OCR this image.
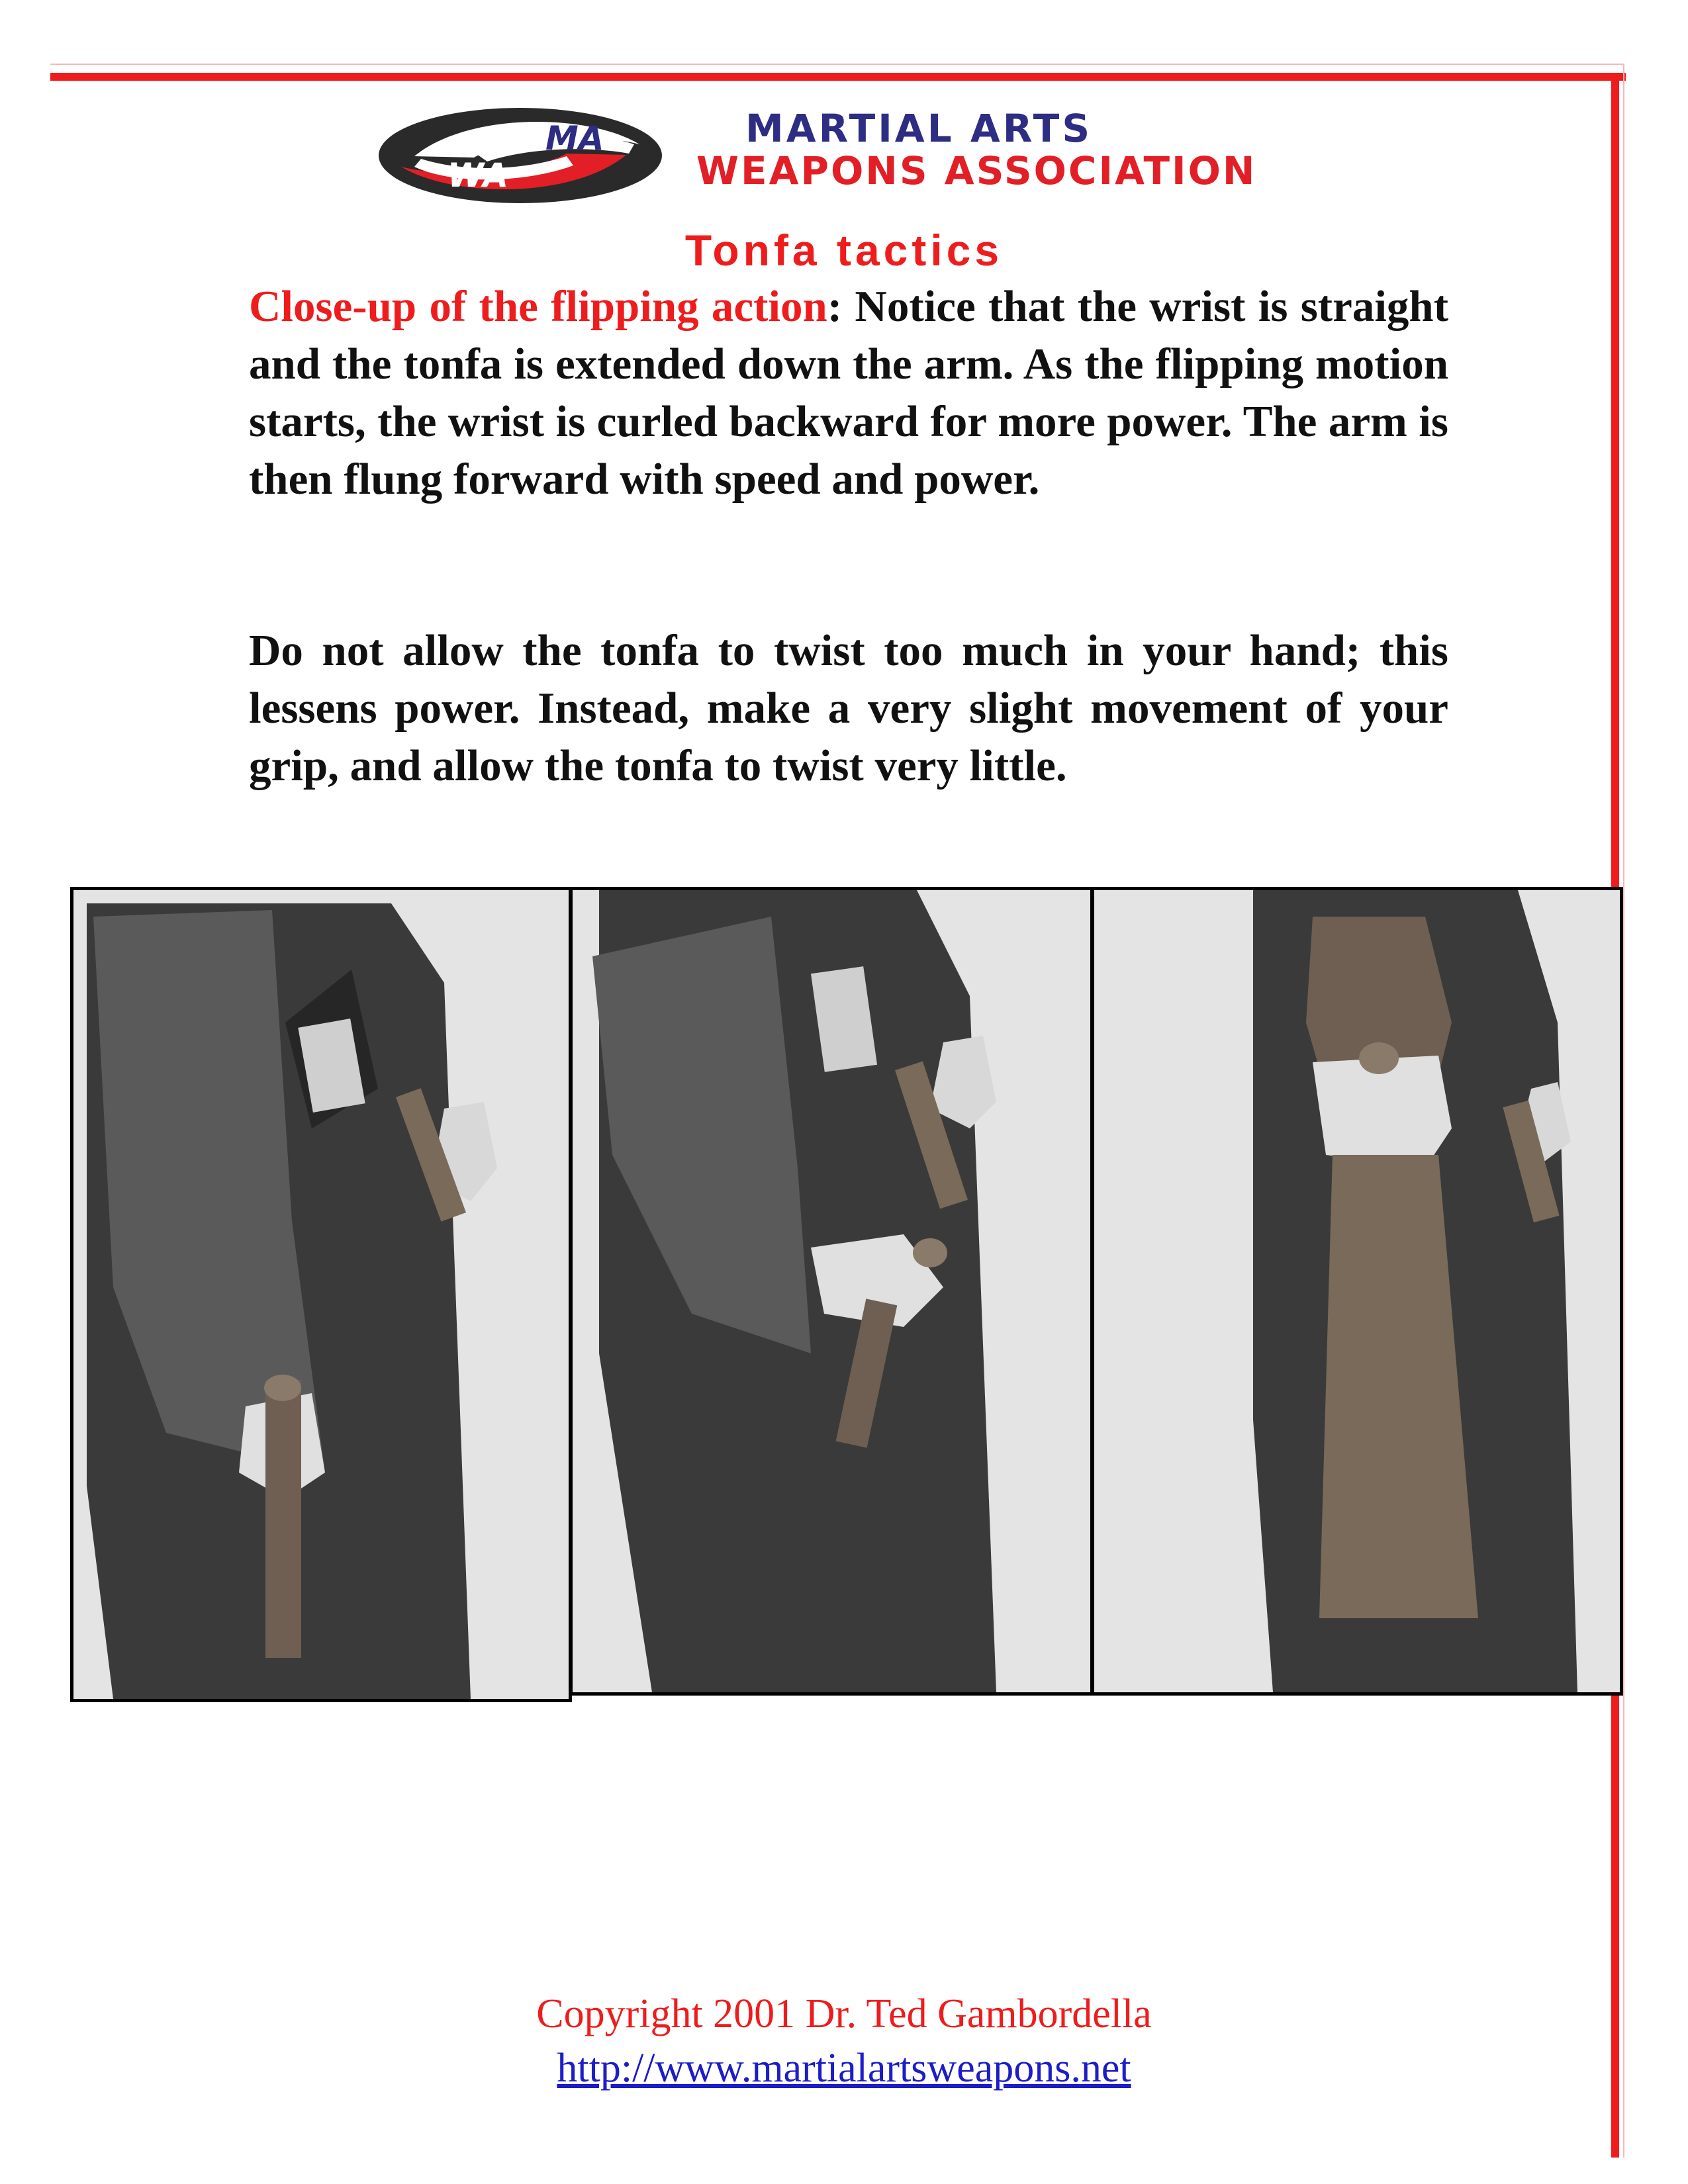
MA
WA
MARTIAL ARTS
WEAPONS ASSOCIATION
Tonfa tactics
Close-up of the flipping action: Notice that the wrist is straight and the tonfa is extended down the arm. As the flipping motion starts, the wrist is curled backward for more power. The arm is then flung forward with speed and power.
Do not allow the tonfa to twist too much in your hand; this lessens power. Instead, make a very slight movement of your grip, and allow the tonfa to twist very little.
Copyright 2001 Dr. Ted Gambordella
http://www.martialartsweapons.net
